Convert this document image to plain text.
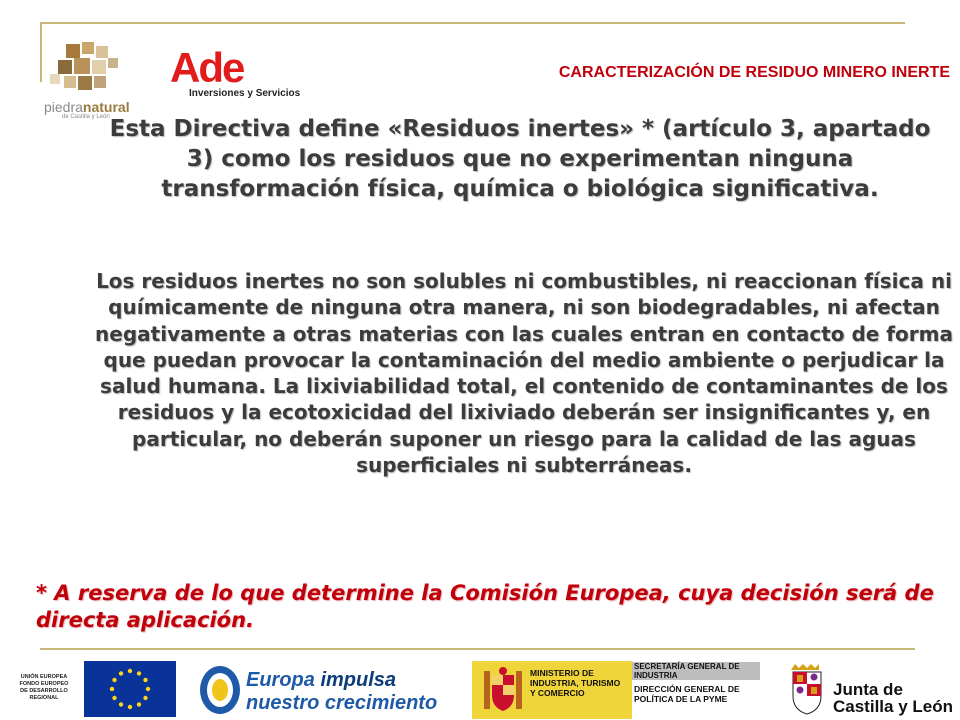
piedranatural
de Castilla y León
Ade
Inversiones y Servicios
CARACTERIZACIÓN DE RESIDUO MINERO INERTE
Esta Directiva define «Residuos inertes» * (artículo 3, apartado 3) como los residuos que no experimentan ninguna transformación física, química o biológica significativa.
Los residuos inertes no son solubles ni combustibles, ni reaccionan física ni químicamente de ninguna otra manera, ni son biodegradables, ni afectan negativamente a otras materias con las cuales entran en contacto de forma que puedan provocar la contaminación del medio ambiente o perjudicar la salud humana. La lixiviabilidad total, el contenido de contaminantes de los residuos y la ecotoxicidad del lixiviado deberán ser insignificantes y, en particular, no deberán suponer un riesgo para la calidad de las aguas superficiales ni subterráneas.
* A reserva de lo que determine la Comisión Europea, cuya decisión será de directa aplicación.
UNIÓN EUROPEA
FONDO EUROPEO
DE DESARROLLO
REGIONAL
Europa impulsa
nuestro crecimiento
MINISTERIO DE
INDUSTRIA, TURISMO
Y COMERCIO
SECRETARÍA GENERAL DE
INDUSTRIA
DIRECCIÓN GENERAL DE
POLÍTICA DE LA PYME	Junta de
Castilla y León
